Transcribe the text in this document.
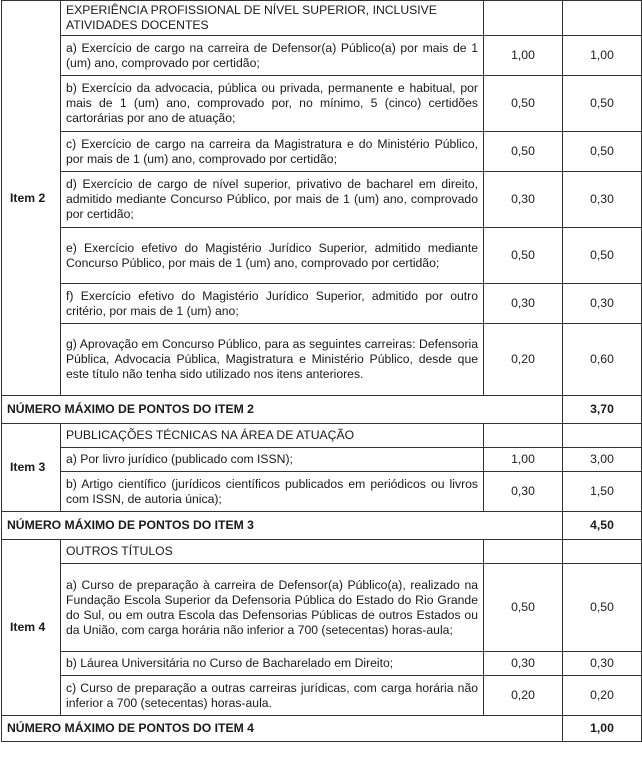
Item 2	EXPERIÊNCIA PROFISSIONAL DE NÍVEL SUPERIOR, INCLUSIVE ATIVIDADES DOCENTES		
	a) Exercício de cargo na carreira de Defensor(a) Público(a) por mais de 1 (um) ano, comprovado por certidão;	1,00	1,00
	b) Exercício da advocacia, pública ou privada, permanente e habitual, por mais de 1 (um) ano, comprovado por, no mínimo, 5 (cinco) certidões cartorárias por ano de atuação;	0,50	0,50
	c) Exercício de cargo na carreira da Magistratura e do Ministério Público, por mais de 1 (um) ano, comprovado por certidão;	0,50	0,50
	d) Exercício de cargo de nível superior, privativo de bacharel em direito, admitido mediante Concurso Público, por mais de 1 (um) ano, comprovado por certidão;	0,30	0,30
	e) Exercício efetivo do Magistério Jurídico Superior, admitido mediante Concurso Público, por mais de 1 (um) ano, comprovado por certidão;	0,50	0,50
	f) Exercício efetivo do Magistério Jurídico Superior, admitido por outro critério, por mais de 1 (um) ano;	0,30	0,30
	g) Aprovação em Concurso Público, para as seguintes carreiras: Defensoria Pública, Advocacia Pública, Magistratura e Ministério Público, desde que este título não tenha sido utilizado nos itens anteriores.	0,20	0,60
NÚMERO MÁXIMO DE PONTOS DO ITEM 2			3,70
Item 3	PUBLICAÇÕES TÉCNICAS NA ÁREA DE ATUAÇÃO		
	a) Por livro jurídico (publicado com ISSN);	1,00	3,00
	b) Artigo científico (jurídicos científicos publicados em periódicos ou livros com ISSN, de autoria única);	0,30	1,50
NÚMERO MÁXIMO DE PONTOS DO ITEM 3			4,50
Item 4	OUTROS TÍTULOS		
	a) Curso de preparação à carreira de Defensor(a) Público(a), realizado na Fundação Escola Superior da Defensoria Pública do Estado do Rio Grande do Sul, ou em outra Escola das Defensorias Públicas de outros Estados ou da União, com carga horária não inferior a 700 (setecentas) horas-aula;	0,50	0,50
	b) Láurea Universitária no Curso de Bacharelado em Direito;	0,30	0,30
	c) Curso de preparação a outras carreiras jurídicas, com carga horária não inferior a 700 (setecentas) horas-aula.	0,20	0,20
NÚMERO MÁXIMO DE PONTOS DO ITEM 4			1,00
